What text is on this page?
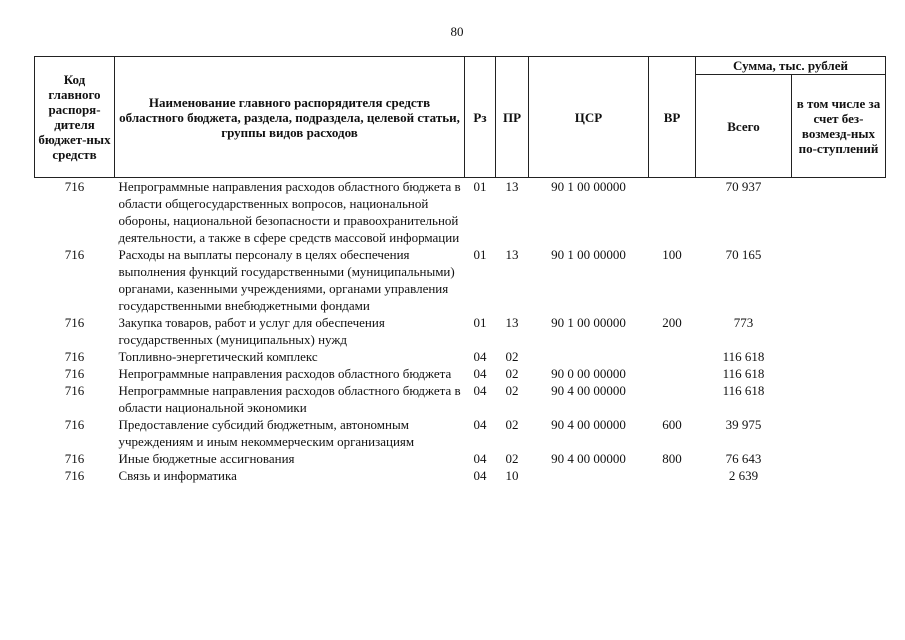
80
Код главного распоря-дителя бюджет-ных средств	Наименование главного распорядителя средств областного бюджета, раздела, подраздела, целевой статьи, группы видов расходов	Рз	ПР	ЦСР	ВР	Сумма, тыс. рублей	
						Всего	в том числе за счет без-возмезд-ных по-ступлений
716	Непрограммные направления расходов областного бюджета в области общегосударственных вопросов, национальной обороны, национальной безопасности и правоохранительной деятельности, а также в сфере средств массовой информации	01	13	90 1 00 00000		70 937	
716	Расходы на выплаты персоналу в целях обеспечения выполнения функций государственными (муниципальными) органами, казенными учреждениями, органами управления государственными внебюджетными фондами	01	13	90 1 00 00000	100	70 165	
716	Закупка товаров, работ и услуг для обеспечения государственных (муниципальных) нужд	01	13	90 1 00 00000	200	773	
716	Топливно-энергетический комплекс	04	02			116 618	
716	Непрограммные направления расходов областного бюджета	04	02	90 0 00 00000		116 618	
716	Непрограммные направления расходов областного бюджета в области национальной экономики	04	02	90 4 00 00000		116 618	
716	Предоставление субсидий бюджетным, автономным учреждениям и иным некоммерческим организациям	04	02	90 4 00 00000	600	39 975	
716	Иные бюджетные ассигнования	04	02	90 4 00 00000	800	76 643	
716	Связь и информатика	04	10			2 639	
